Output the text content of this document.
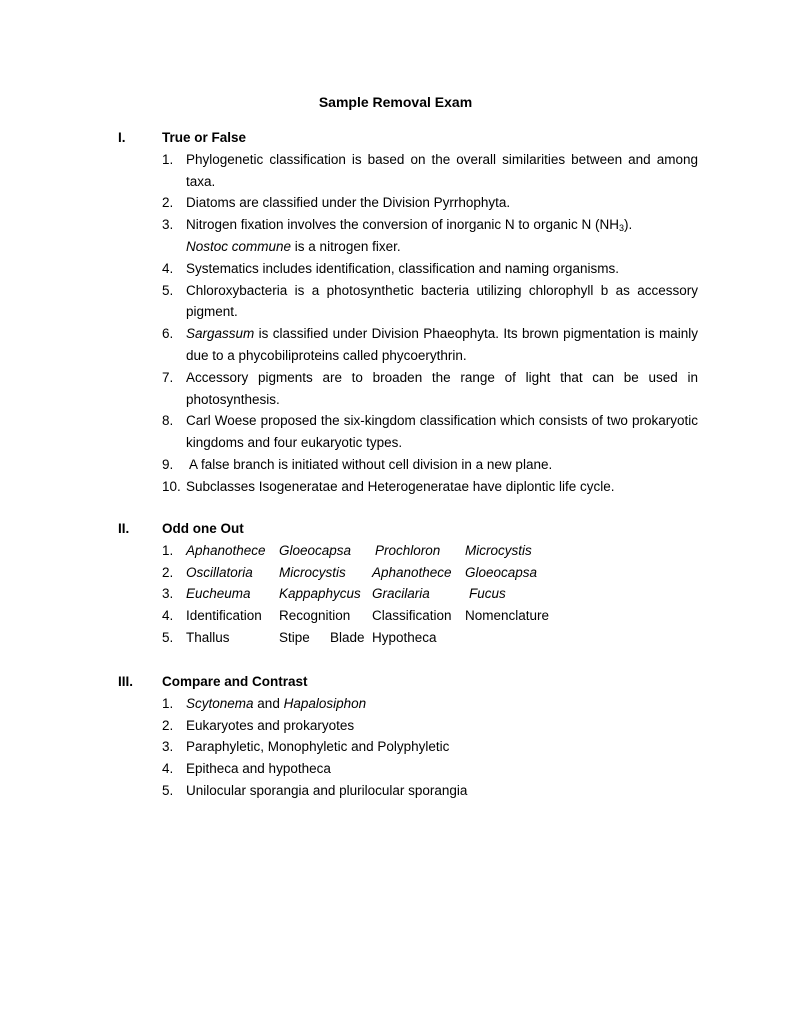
Sample Removal Exam
I.	True or False
1. Phylogenetic classification is based on the overall similarities between and among taxa.
2. Diatoms are classified under the Division Pyrrhophyta.
3. Nitrogen fixation involves the conversion of inorganic N to organic N $(NH_3)$.
Nostoc commune is a nitrogen fixer.
4. Systematics includes identification, classification and naming organisms.
5. Chloroxybacteria is a photosynthetic bacteria utilizing chlorophyll b as accessory pigment.
6. Sargassum is classified under Division Phaeophyta. Its brown pigmentation is mainly due to a phycobiliproteins called phycoerythrin.
7. Accessory pigments are to broaden the range of light that can be used in photosynthesis.
8. Carl Woese proposed the six-kingdom classification which consists of two prokaryotic kingdoms and four eukaryotic types.
9. A false branch is initiated without cell division in a new plane.
10. Subclasses Isogeneratae and Heterogeneratae have diplontic life cycle.
II. Odd one Out
1. Aphanothece Gloeocapsa Prochloron Microcystis
2. Oscillatoria Microcystis Aphanothece Gloeocapsa
3. Eucheuma Kappaphycus Gracilaria	Fucus
4. Identification Recognition Classification Nomenclature
5. Thallus	Stipe Blade Hypotheca
III. Compare and Contrast
1. Scytonema and Hapalosiphon
2. Eukaryotes and prokaryotes
3. Paraphyletic, Monophyletic and Polyphyletic
4. Epitheca and hypotheca
5. Unilocular sporangia and plurilocular sporangia
